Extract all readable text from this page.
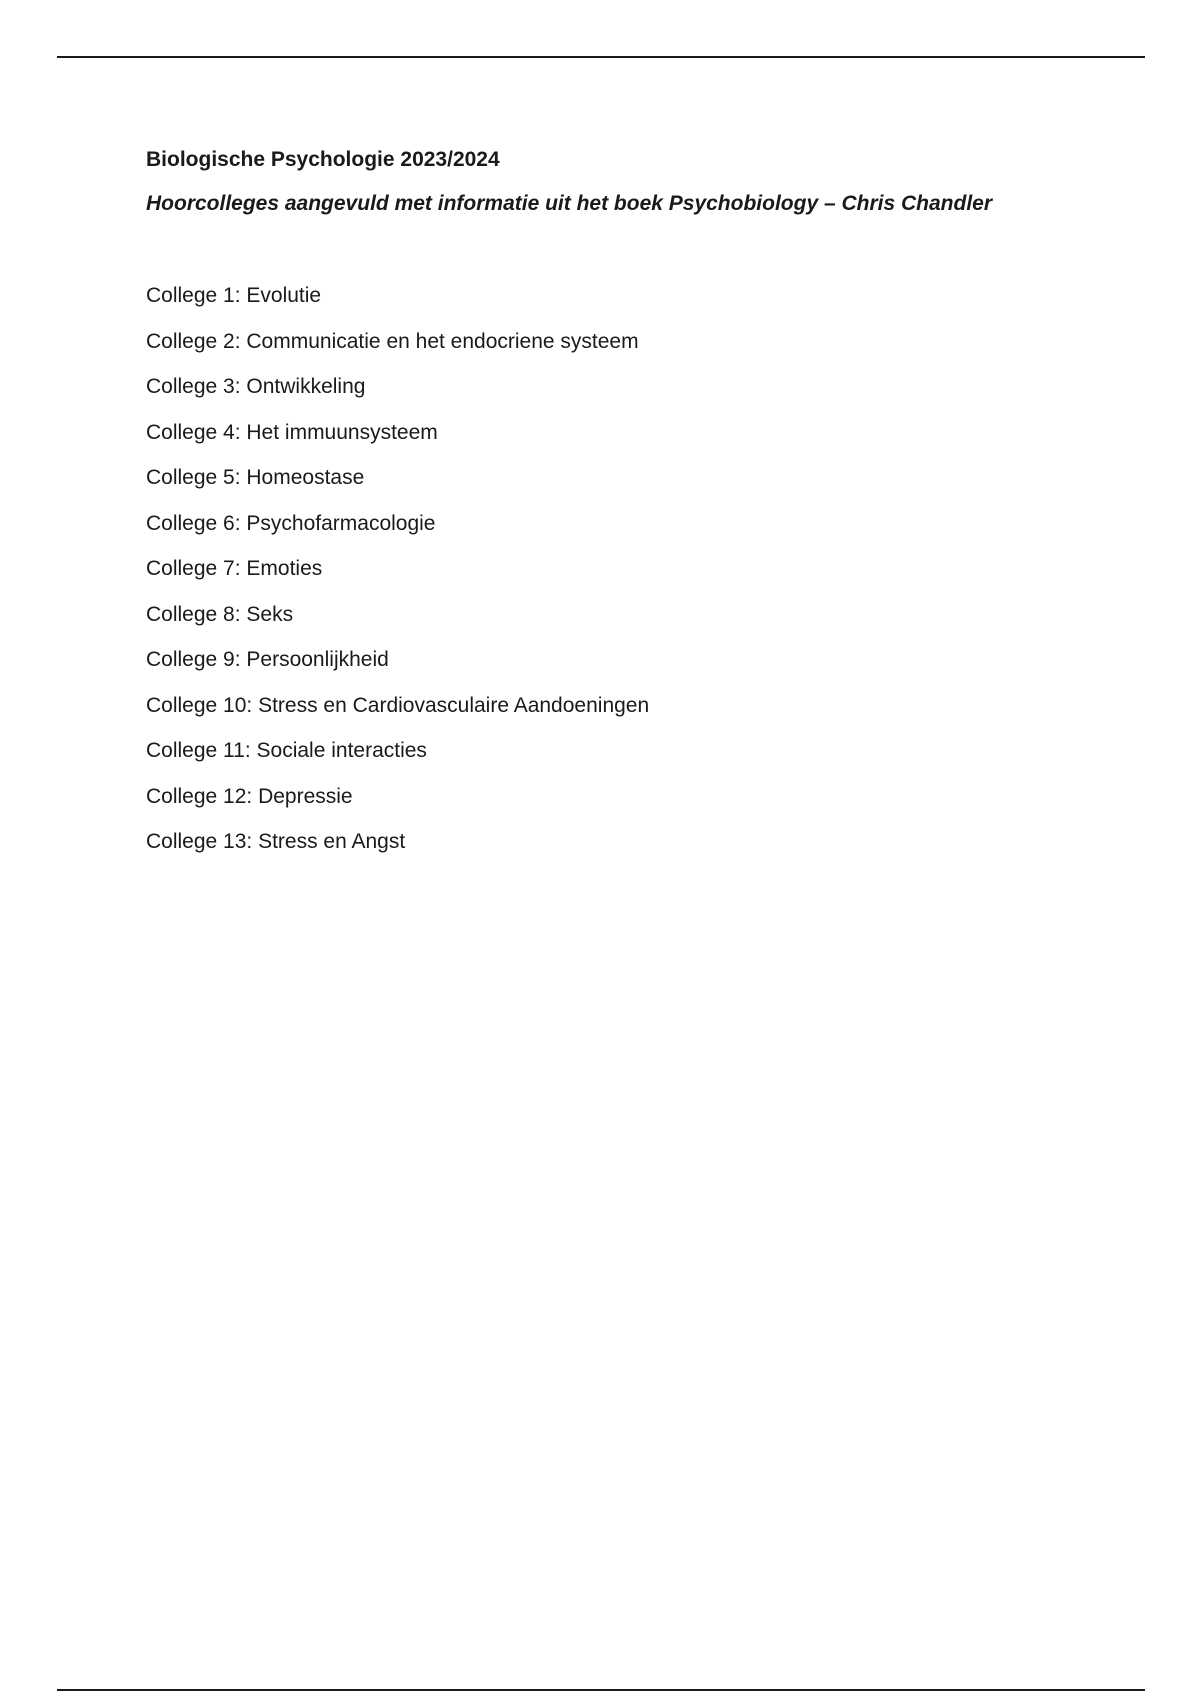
Biologische Psychologie 2023/2024

Hoorcolleges aangevuld met informatie uit het boek Psychobiology – Chris Chandler

College 1: Evolutie
College 2: Communicatie en het endocriene systeem
College 3: Ontwikkeling
College 4: Het immuunsysteem
College 5: Homeostase
College 6: Psychofarmacologie
College 7: Emoties
College 8: Seks
College 9: Persoonlijkheid
College 10: Stress en Cardiovasculaire Aandoeningen
College 11: Sociale interacties
College 12: Depressie
College 13: Stress en Angst
